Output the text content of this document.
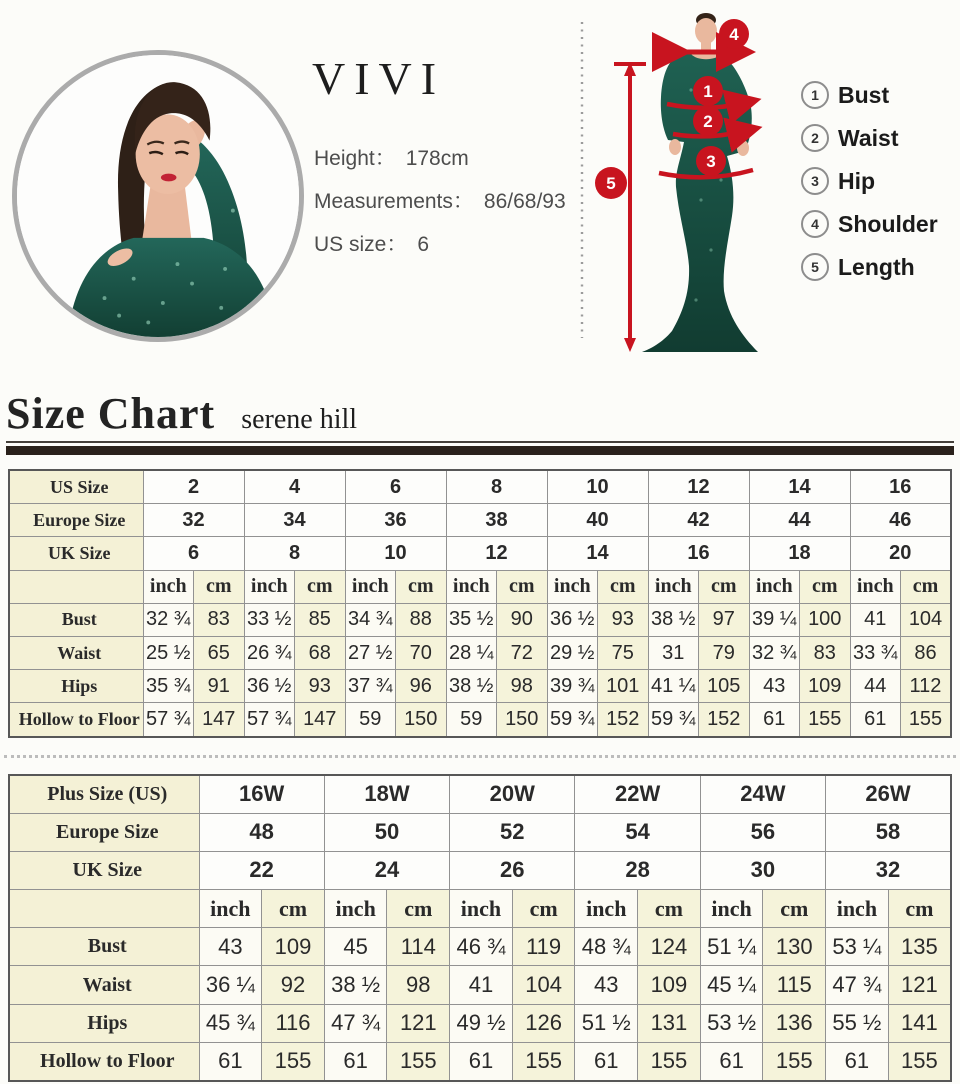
VIVI
Height： 178cm
Measurements： 86/68/93
US size： 6
4
1
2
3
5
1 Bust
2 Waist
3 Hip
4 Shoulder
5 Length
Size Chart serene hill
US Size	2		4		6		8		10		12		14		16	
Europe Size	32		34		36		38		40		42		44		46	
UK Size	6		8		10		12		14		16		18		20	
	inch	cm	inch	cm	inch	cm	inch	cm	inch	cm	inch	cm	inch	cm	inch	cm
Bust	32 ¾	83	33 ½	85	34 ¾	88	35 ½	90	36 ½	93	38 ½	97	39 ¼	100	41	104
Waist	25 ½	65	26 ¾	68	27 ½	70	28 ¼	72	29 ½	75	31	79	32 ¾	83	33 ¾	86
Hips	35 ¾	91	36 ½	93	37 ¾	96	38 ½	98	39 ¾	101	41 ¼	105	43	109	44	112
Hollow to Floor	57 ¾	147	57 ¾	147	59	150	59	150	59 ¾	152	59 ¾	152	61	155	61	155
Plus Size (US)	16W		18W		20W		22W		24W		26W	
Europe Size	48		50		52		54		56		58	
UK Size	22		24		26		28		30		32	
	inch	cm	inch	cm	inch	cm	inch	cm	inch	cm	inch	cm
Bust	43	109	45	114	46 ¾	119	48 ¾	124	51 ¼	130	53 ¼	135
Waist	36 ¼	92	38 ½	98	41	104	43	109	45 ¼	115	47 ¾	121
Hips	45 ¾	116	47 ¾	121	49 ½	126	51 ½	131	53 ½	136	55 ½	141
Hollow to Floor	61	155	61	155	61	155	61	155	61	155	61	155
